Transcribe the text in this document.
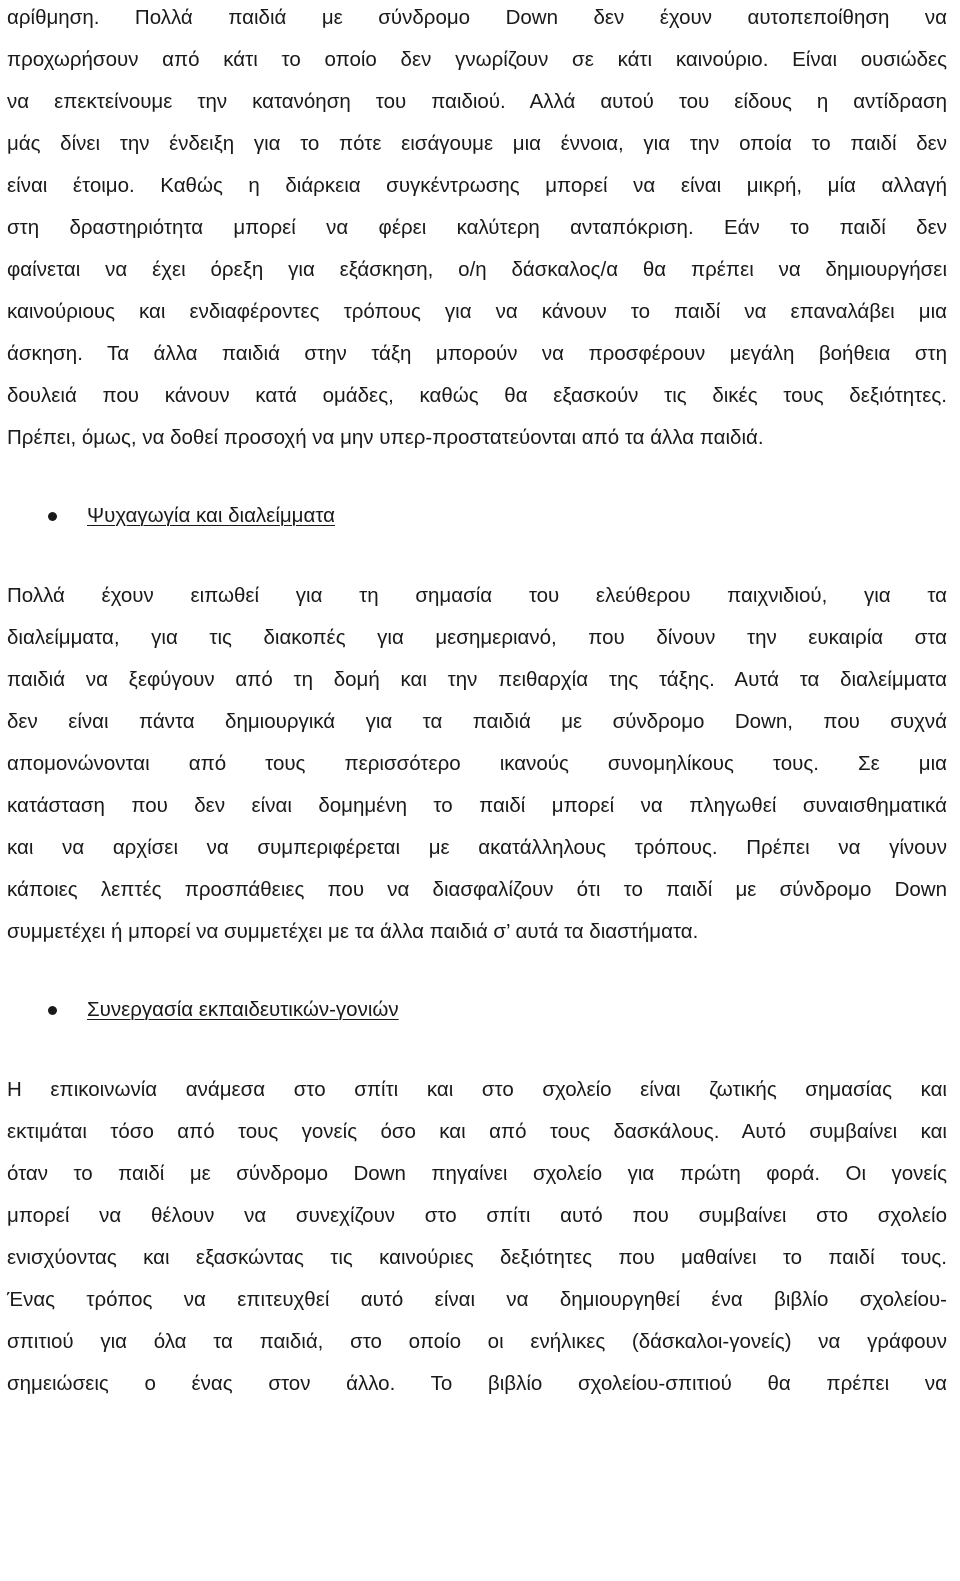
αρίθμηση. Πολλά παιδιά με σύνδρομο Down δεν έχουν αυτοπεποίθηση να
προχωρήσουν από κάτι το οποίο δεν γνωρίζουν σε κάτι καινούριο. Είναι ουσιώδες
να επεκτείνουμε την κατανόηση του παιδιού. Αλλά αυτού του είδους η αντίδραση
μάς δίνει την ένδειξη για το πότε εισάγουμε μια έννοια, για την οποία το παιδί δεν
είναι έτοιμο. Καθώς η διάρκεια συγκέντρωσης μπορεί να είναι μικρή, μία αλλαγή
στη δραστηριότητα μπορεί να φέρει καλύτερη ανταπόκριση. Εάν το παιδί δεν
φαίνεται να έχει όρεξη για εξάσκηση, ο/η δάσκαλος/α θα πρέπει να δημιουργήσει
καινούριους και ενδιαφέροντες τρόπους για να κάνουν το παιδί να επαναλάβει μια
άσκηση. Τα άλλα παιδιά στην τάξη μπορούν να προσφέρουν μεγάλη βοήθεια στη
δουλειά που κάνουν κατά ομάδες, καθώς θα εξασκούν τις δικές τους δεξιότητες.
Πρέπει, όμως, να δοθεί προσοχή να μην υπερ-προστατεύονται από τα άλλα παιδιά.
Ψυχαγωγία και διαλείμματα
Πολλά έχουν ειπωθεί για τη σημασία του ελεύθερου παιχνιδιού, για τα
διαλείμματα, για τις διακοπές για μεσημεριανό, που δίνουν την ευκαιρία στα
παιδιά να ξεφύγουν από τη δομή και την πειθαρχία της τάξης. Αυτά τα διαλείμματα
δεν είναι πάντα δημιουργικά για τα παιδιά με σύνδρομο Down, που συχνά
απομονώνονται από τους περισσότερο ικανούς συνομηλίκους τους. Σε μια
κατάσταση που δεν είναι δομημένη το παιδί μπορεί να πληγωθεί συναισθηματικά
και να αρχίσει να συμπεριφέρεται με ακατάλληλους τρόπους. Πρέπει να γίνουν
κάποιες λεπτές προσπάθειες που να διασφαλίζουν ότι το παιδί με σύνδρομο Down
συμμετέχει ή μπορεί να συμμετέχει με τα άλλα παιδιά σ’ αυτά τα διαστήματα.
Συνεργασία εκπαιδευτικών-γονιών
Η επικοινωνία ανάμεσα στο σπίτι και στο σχολείο είναι ζωτικής σημασίας και
εκτιμάται τόσο από τους γονείς όσο και από τους δασκάλους. Αυτό συμβαίνει και
όταν το παιδί με σύνδρομο Down πηγαίνει σχολείο για πρώτη φορά. Οι γονείς
μπορεί να θέλουν να συνεχίζουν στο σπίτι αυτό που συμβαίνει στο σχολείο
ενισχύοντας και εξασκώντας τις καινούριες δεξιότητες που μαθαίνει το παιδί τους.
Ένας τρόπος να επιτευχθεί αυτό είναι να δημιουργηθεί ένα βιβλίο σχολείου-
σπιτιού για όλα τα παιδιά, στο οποίο οι ενήλικες (δάσκαλοι-γονείς) να γράφουν
σημειώσεις ο ένας στον άλλο. Το βιβλίο σχολείου-σπιτιού θα πρέπει να
